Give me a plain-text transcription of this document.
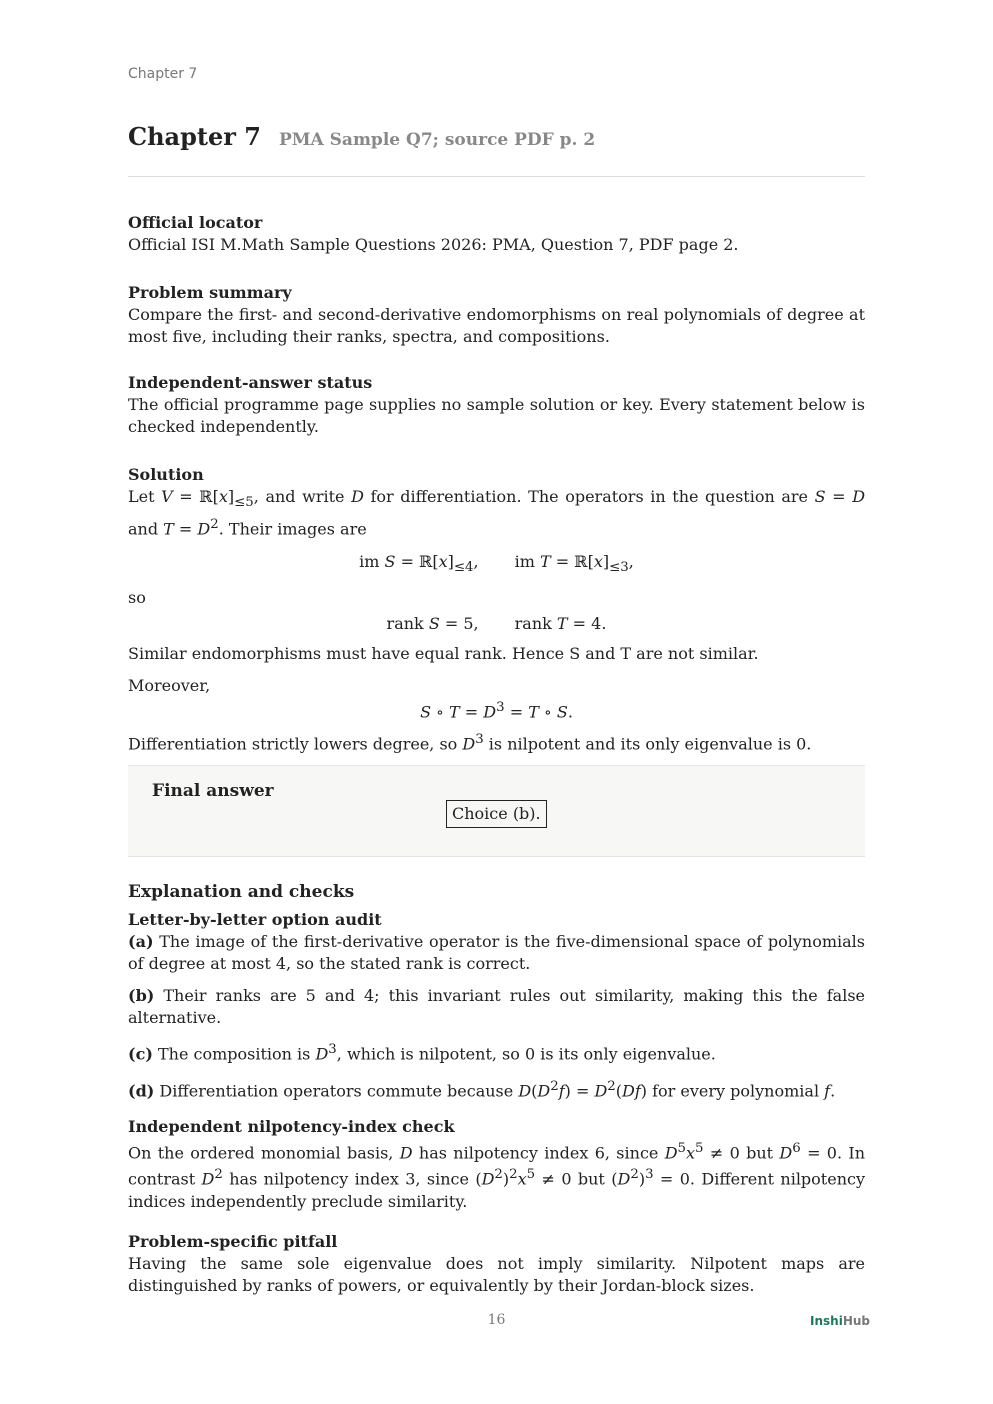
Chapter 7
Chapter 7 PMA Sample Q7; source PDF p. 2
Official locator

Official ISI M.Math Sample Questions 2026: PMA, Question 7, PDF page 2.

Problem summary

Compare the first- and second-derivative endomorphisms on real polynomials of degree at most five, including their ranks, spectra, and compositions.

Independent-answer status

The official programme page supplies no sample solution or key. Every statement below is checked independently.

Solution

Let $V = ℝ[x]_{\le 5}$, and write D for differentiation. The operators in the question are S = D and $T = D^2$. Their images are

im $S = ℝ[x]_{\le 4}$, im $T = ℝ[x]_{\le 3}$,

so

rank S = 5, rank T = 4.

Similar endomorphisms must have equal rank. Hence S and T are not similar.

Moreover,

S ∘ $T = D^3 = T$ ∘ S.

Differentiation strictly lowers degree, so $D^3$ is nilpotent and its only eigenvalue is 0.

Final answer
Choice (b).
Explanation and checks
Letter-by-letter option audit

(a) The image of the first-derivative operator is the five-dimensional space of polynomials of degree at most 4, so the stated rank is correct.

(b) Their ranks are 5 and 4; this invariant rules out similarity, making this the false alternative.

(c) The composition is $D^3$, which is nilpotent, so 0 is its only eigenvalue.

(d) Differentiation operators commute because $D(D^2f) = D^2(Df)$ for every polynomial f.

Independent nilpotency-index check

On the ordered monomial basis, D has nilpotency index 6, since $D^5x^5 \ne 0$ but $D^6 = 0$. In contrast $D^2$ has nilpotency index 3, since $(D^2)^2x^5 \ne 0$ but $(D^2)^3 = 0$. Different nilpotency indices independently preclude similarity.

Problem-specific pitfall

Having the same sole eigenvalue does not imply similarity. Nilpotent maps are distinguished by ranks of powers, or equivalently by their Jordan-block sizes.

16	InshiHub
